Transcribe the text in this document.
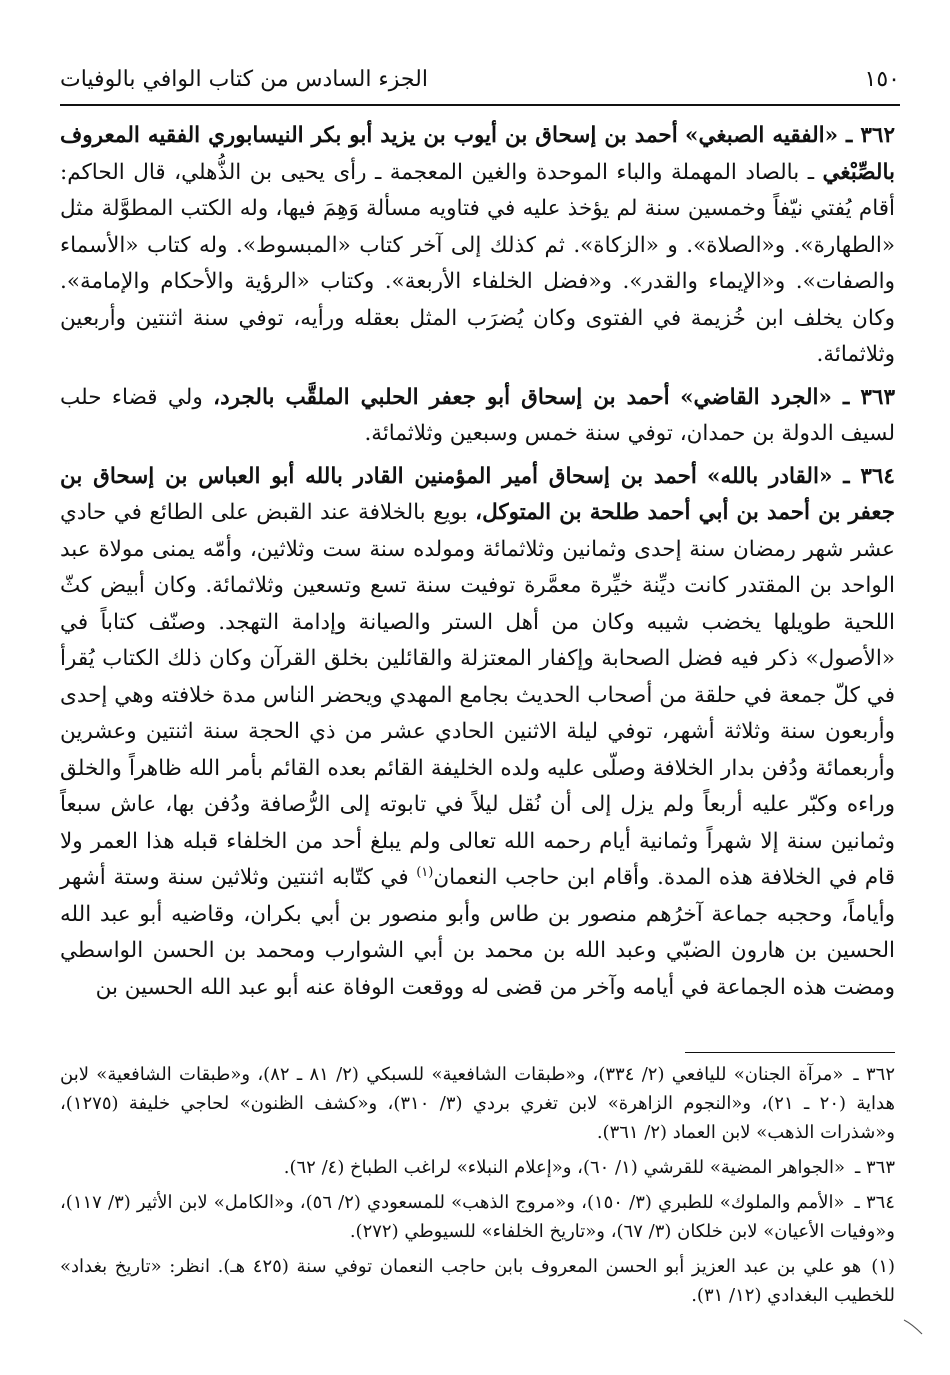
١٥٠
الجزء السادس من كتاب الوافي بالوفيات

٣٦٢ ـ «الفقيه الصبغي» أحمد بن إسحاق بن أيوب بن يزيد أبو بكر النيسابوري الفقيه المعروف بالصِّبْغي ـ بالصاد المهملة والباء الموحدة والغين المعجمة ـ رأى يحيى بن الذُّهلي، قال الحاكم: أقام يُفتي نيّفاً وخمسين سنة لم يؤخذ عليه في فتاويه مسألة وَهِمَ فيها، وله الكتب المطوَّلة مثل «الطهارة». و«الصلاة». و «الزكاة». ثم كذلك إلى آخر كتاب «المبسوط». وله كتاب «الأسماء والصفات». و«الإيماء والقدر». و«فضل الخلفاء الأربعة». وكتاب «الرؤية والأحكام والإمامة». وكان يخلف ابن خُزيمة في الفتوى وكان يُضرَب المثل بعقله ورأيه، توفي سنة اثنتين وأربعين وثلاثمائة.

٣٦٣ ـ «الجرد القاضي» أحمد بن إسحاق أبو جعفر الحلبي الملقَّب بالجرد، ولي قضاء حلب لسيف الدولة بن حمدان، توفي سنة خمس وسبعين وثلاثمائة.

٣٦٤ ـ «القادر بالله» أحمد بن إسحاق أمير المؤمنين القادر بالله أبو العباس بن إسحاق بن جعفر بن أحمد بن أبي أحمد طلحة بن المتوكل، بويع بالخلافة عند القبض على الطائع في حادي عشر شهر رمضان سنة إحدى وثمانين وثلاثمائة ومولده سنة ست وثلاثين، وأمّه يمنى مولاة عبد الواحد بن المقتدر كانت ديِّنة خيِّرة معمَّرة توفيت سنة تسع وتسعين وثلاثمائة. وكان أبيض كثّ اللحية طويلها يخضب شيبه وكان من أهل الستر والصيانة وإدامة التهجد. وصنّف كتاباً في «الأصول» ذكر فيه فضل الصحابة وإكفار المعتزلة والقائلين بخلق القرآن وكان ذلك الكتاب يُقرأ في كلّ جمعة في حلقة من أصحاب الحديث بجامع المهدي ويحضر الناس مدة خلافته وهي إحدى وأربعون سنة وثلاثة أشهر، توفي ليلة الاثنين الحادي عشر من ذي الحجة سنة اثنتين وعشرين وأربعمائة ودُفن بدار الخلافة وصلّى عليه ولده الخليفة القائم بعده القائم بأمر الله ظاهراً والخلق وراءه وكبّر عليه أربعاً ولم يزل إلى أن نُقل ليلاً في تابوته إلى الرُّصافة ودُفن بها، عاش سبعاً وثمانين سنة إلا شهراً وثمانية أيام رحمه الله تعالى ولم يبلغ أحد من الخلفاء قبله هذا العمر ولا قام في الخلافة هذه المدة. وأقام ابن حاجب النعمان$^{(١)}$ في كتّابه اثنتين وثلاثين سنة وستة أشهر وأياماً، وحجبه جماعة آخرُهم منصور بن طاس وأبو منصور بن أبي بكران، وقاضيه أبو عبد الله الحسين بن هارون الضبّي وعبد الله بن محمد بن أبي الشوارب ومحمد بن الحسن الواسطي ومضت هذه الجماعة في أيامه وآخر من قضى له ووقعت الوفاة عنه أبو عبد الله الحسين بن

٣٦٢ ـ«مرآة الجنان» لليافعي (٢/ ٣٣٤)، و«طبقات الشافعية» للسبكي (٢/ ٨١ ـ ٨٢)، و«طبقات الشافعية» لابن هداية (٢٠ ـ ٢١)، و«النجوم الزاهرة» لابن تغري بردي (٣/ ٣١٠)، و«كشف الظنون» لحاجي خليفة (١٢٧٥)، و«شذرات الذهب» لابن العماد (٢/ ٣٦١).

٣٦٣ ـ«الجواهر المضية» للقرشي (١/ ٦٠)، و«إعلام النبلاء» لراغب الطباخ (٤/ ٦٢).

٣٦٤ ـ«الأمم والملوك» للطبري (٣/ ١٥٠)، و«مروج الذهب» للمسعودي (٢/ ٥٦)، و«الكامل» لابن الأثير (٣/ ١١٧)، و«وفيات الأعيان» لابن خلكان (٣/ ٦٧)، و«تاريخ الخلفاء» للسيوطي (٢٧٢).

(١)هو علي بن عبد العزيز أبو الحسن المعروف بابن حاجب النعمان توفي سنة (٤٢٥ هـ). انظر: «تاريخ بغداد» للخطيب البغدادي (١٢/ ٣١).
